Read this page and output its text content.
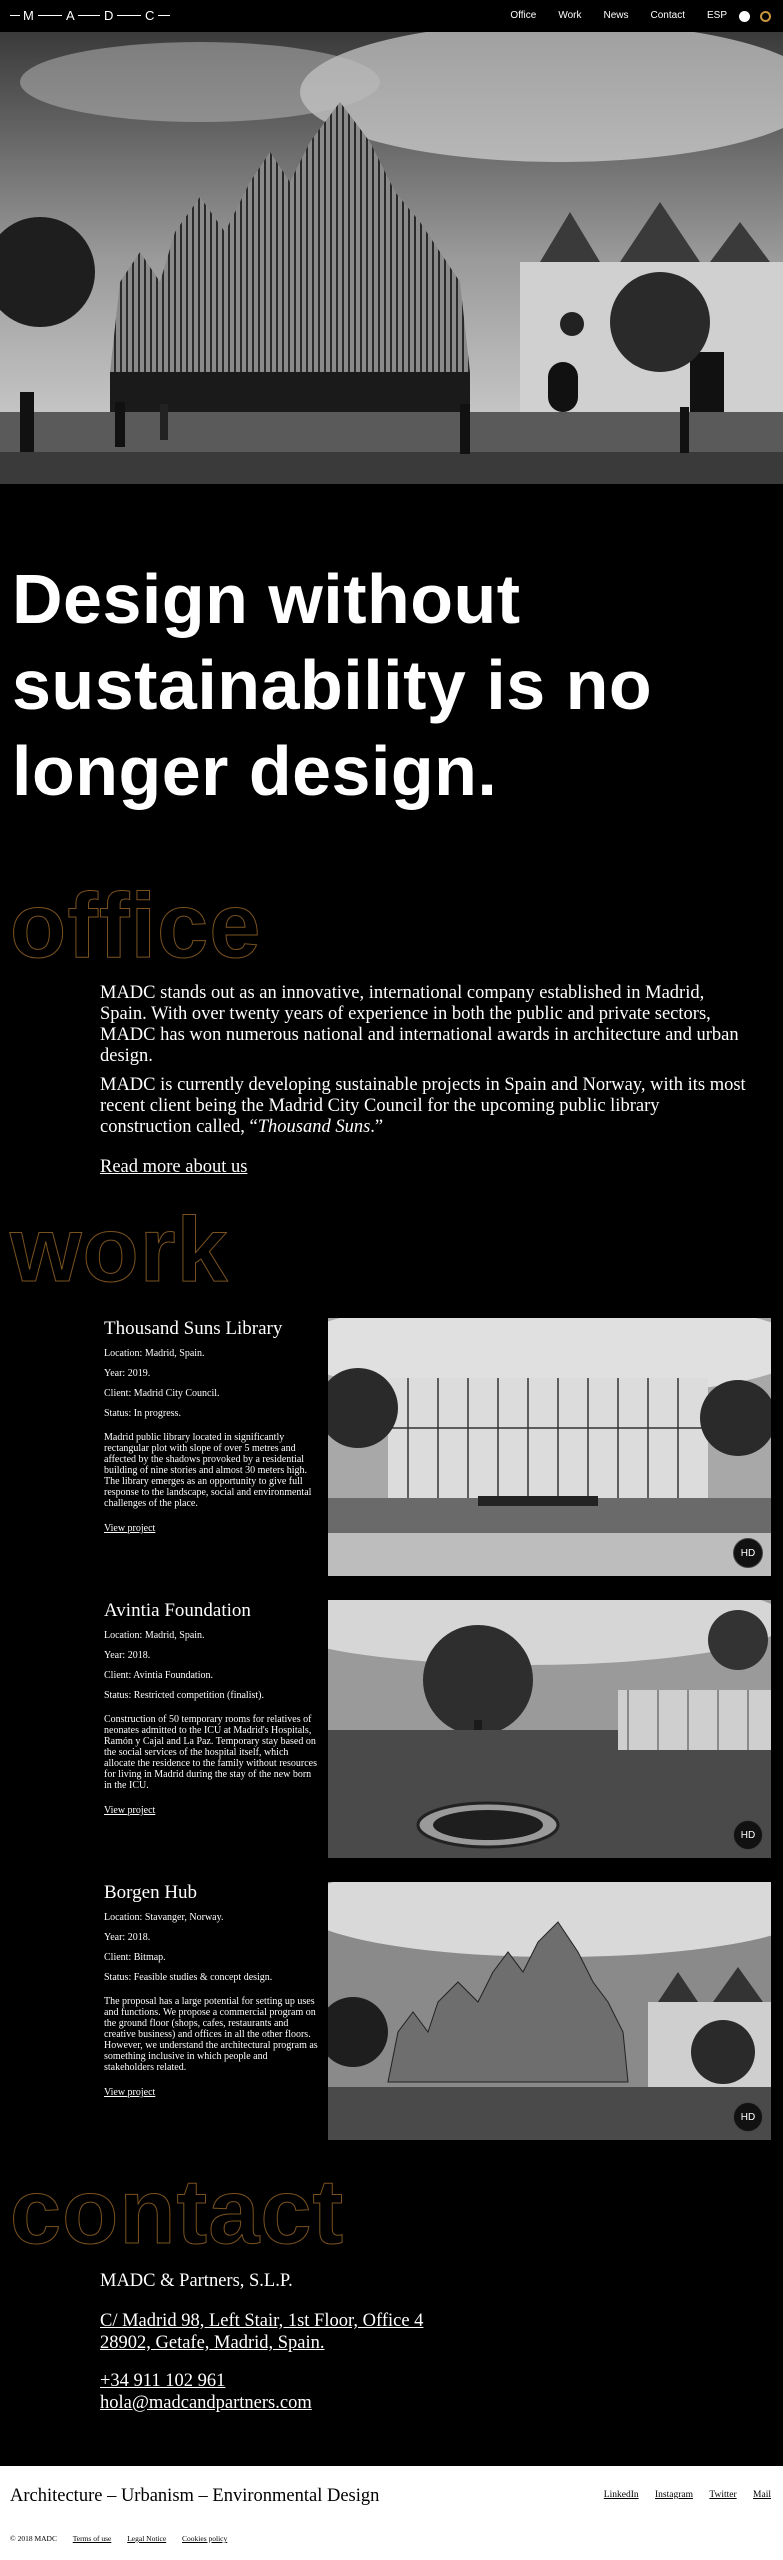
M A D C	Office Work News Contact ESP
Design without sustainability is no longer design.
office

MADC stands out as an innovative, international company established in Madrid, Spain. With over twenty years of experience in both the public and private sectors, MADC has won numerous national and international awards in architecture and urban design.

MADC is currently developing sustainable projects in Spain and Norway, with its most recent client being the Madrid City Council for the upcoming public library construction called, “Thousand Suns.”

Read more about us
work
Thousand Suns Library
Location: Madrid, Spain.
Year: 2019.
Client: Madrid City Council.
Status: In progress.
Madrid public library located in significantly rectangular plot with slope of over 5 metres and affected by the shadows provoked by a residential building of nine stories and almost 30 meters high. The library emerges as an opportunity to give full response to the landscape, social and environmental challenges of the place.
View project
HD
Avintia Foundation
Location: Madrid, Spain.
Year: 2018.
Client: Avintia Foundation.
Status: Restricted competition (finalist).
Construction of 50 temporary rooms for relatives of neonates admitted to the ICU at Madrid's Hospitals, Ramón y Cajal and La Paz. Temporary stay based on the social services of the hospital itself, which allocate the residence to the family without resources for living in Madrid during the stay of the new born in the ICU.
View project
HD
Borgen Hub
Location: Stavanger, Norway.
Year: 2018.
Client: Bitmap.
Status: Feasible studies & concept design.
The proposal has a large potential for setting up uses and functions. We propose a commercial program on the ground floor (shops, cafes, restaurants and creative business) and offices in all the other floors. However, we understand the architectural program as something inclusive in which people and stakeholders related.
View project
HD
contact
MADC & Partners, S.L.P.
C/ Madrid 98, Left Stair, 1st Floor, Office 4
28902, Getafe, Madrid, Spain.
+34 911 102 961
hola@madcandpartners.com
Architecture – Urbanism – Environmental Design	LinkedIn Instagram Twitter Mail
© 2018 MADC Terms of use Legal Notice Cookies policy
